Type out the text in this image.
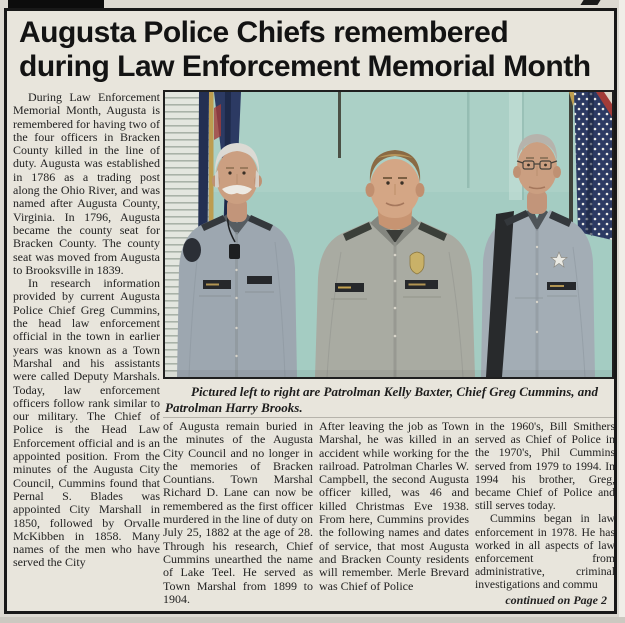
Augusta Police Chiefs remembered
during Law Enforcement Memorial Month

During Law Enforcement Memorial Month, Augusta is remembered for having two of the four officers in Bracken County killed in the line of duty. Augusta was established in 1786 as a trading post along the Ohio River, and was named after Augusta County, Virginia. In 1796, Augusta became the county seat for Bracken County. The county seat was moved from Augusta to Brooksville in 1839.

In research information provided by current Augusta Police Chief Greg Cummins, the head law enforcement official in the town in earlier years was known as a Town Marshal and his assistants were called Deputy Marshals. Today, law enforcement officers follow rank similar to our military. The Chief of Police is the Head Law Enforcement official and is an appointed position. From the minutes of the Augusta City Council, Cummins found that Pernal S. Blades was appointed City Marshall in 1850, followed by Orvalle McKibben in 1858. Many names of the men who have served the City

Pictured left to right are Patrolman Kelly Baxter, Chief Greg Cummins, and Patrolman Harry Brooks.

of Augusta remain buried in the minutes of the Augusta City Council and no longer in the memories of Bracken Countians. Town Marshal Richard D. Lane can now be remembered as the first officer murdered in the line of duty on July 25, 1882 at the age of 28. Through his research, Chief Cummins unearthed the name of Lake Teel. He served as Town Marshal from 1899 to 1904.

After leaving the job as Town Marshal, he was killed in an accident while working for the railroad. Patrolman Charles W. Campbell, the second Augusta officer killed, was 46 and killed Christmas Eve 1938. From here, Cummins provides the following names and dates of service, that most Augusta and Bracken County residents will remember. Merle Brevard was Chief of Police

in the 1960's, Bill Smithers served as Chief of Police in the 1970's, Phil Cummins served from 1979 to 1994. In 1994 his brother, Greg, became Chief of Police and still serves today.

Cummins began in law enforcement in 1978. He has worked in all aspects of law enforcement from administrative, criminal investigations and commu

continued on Page 2
